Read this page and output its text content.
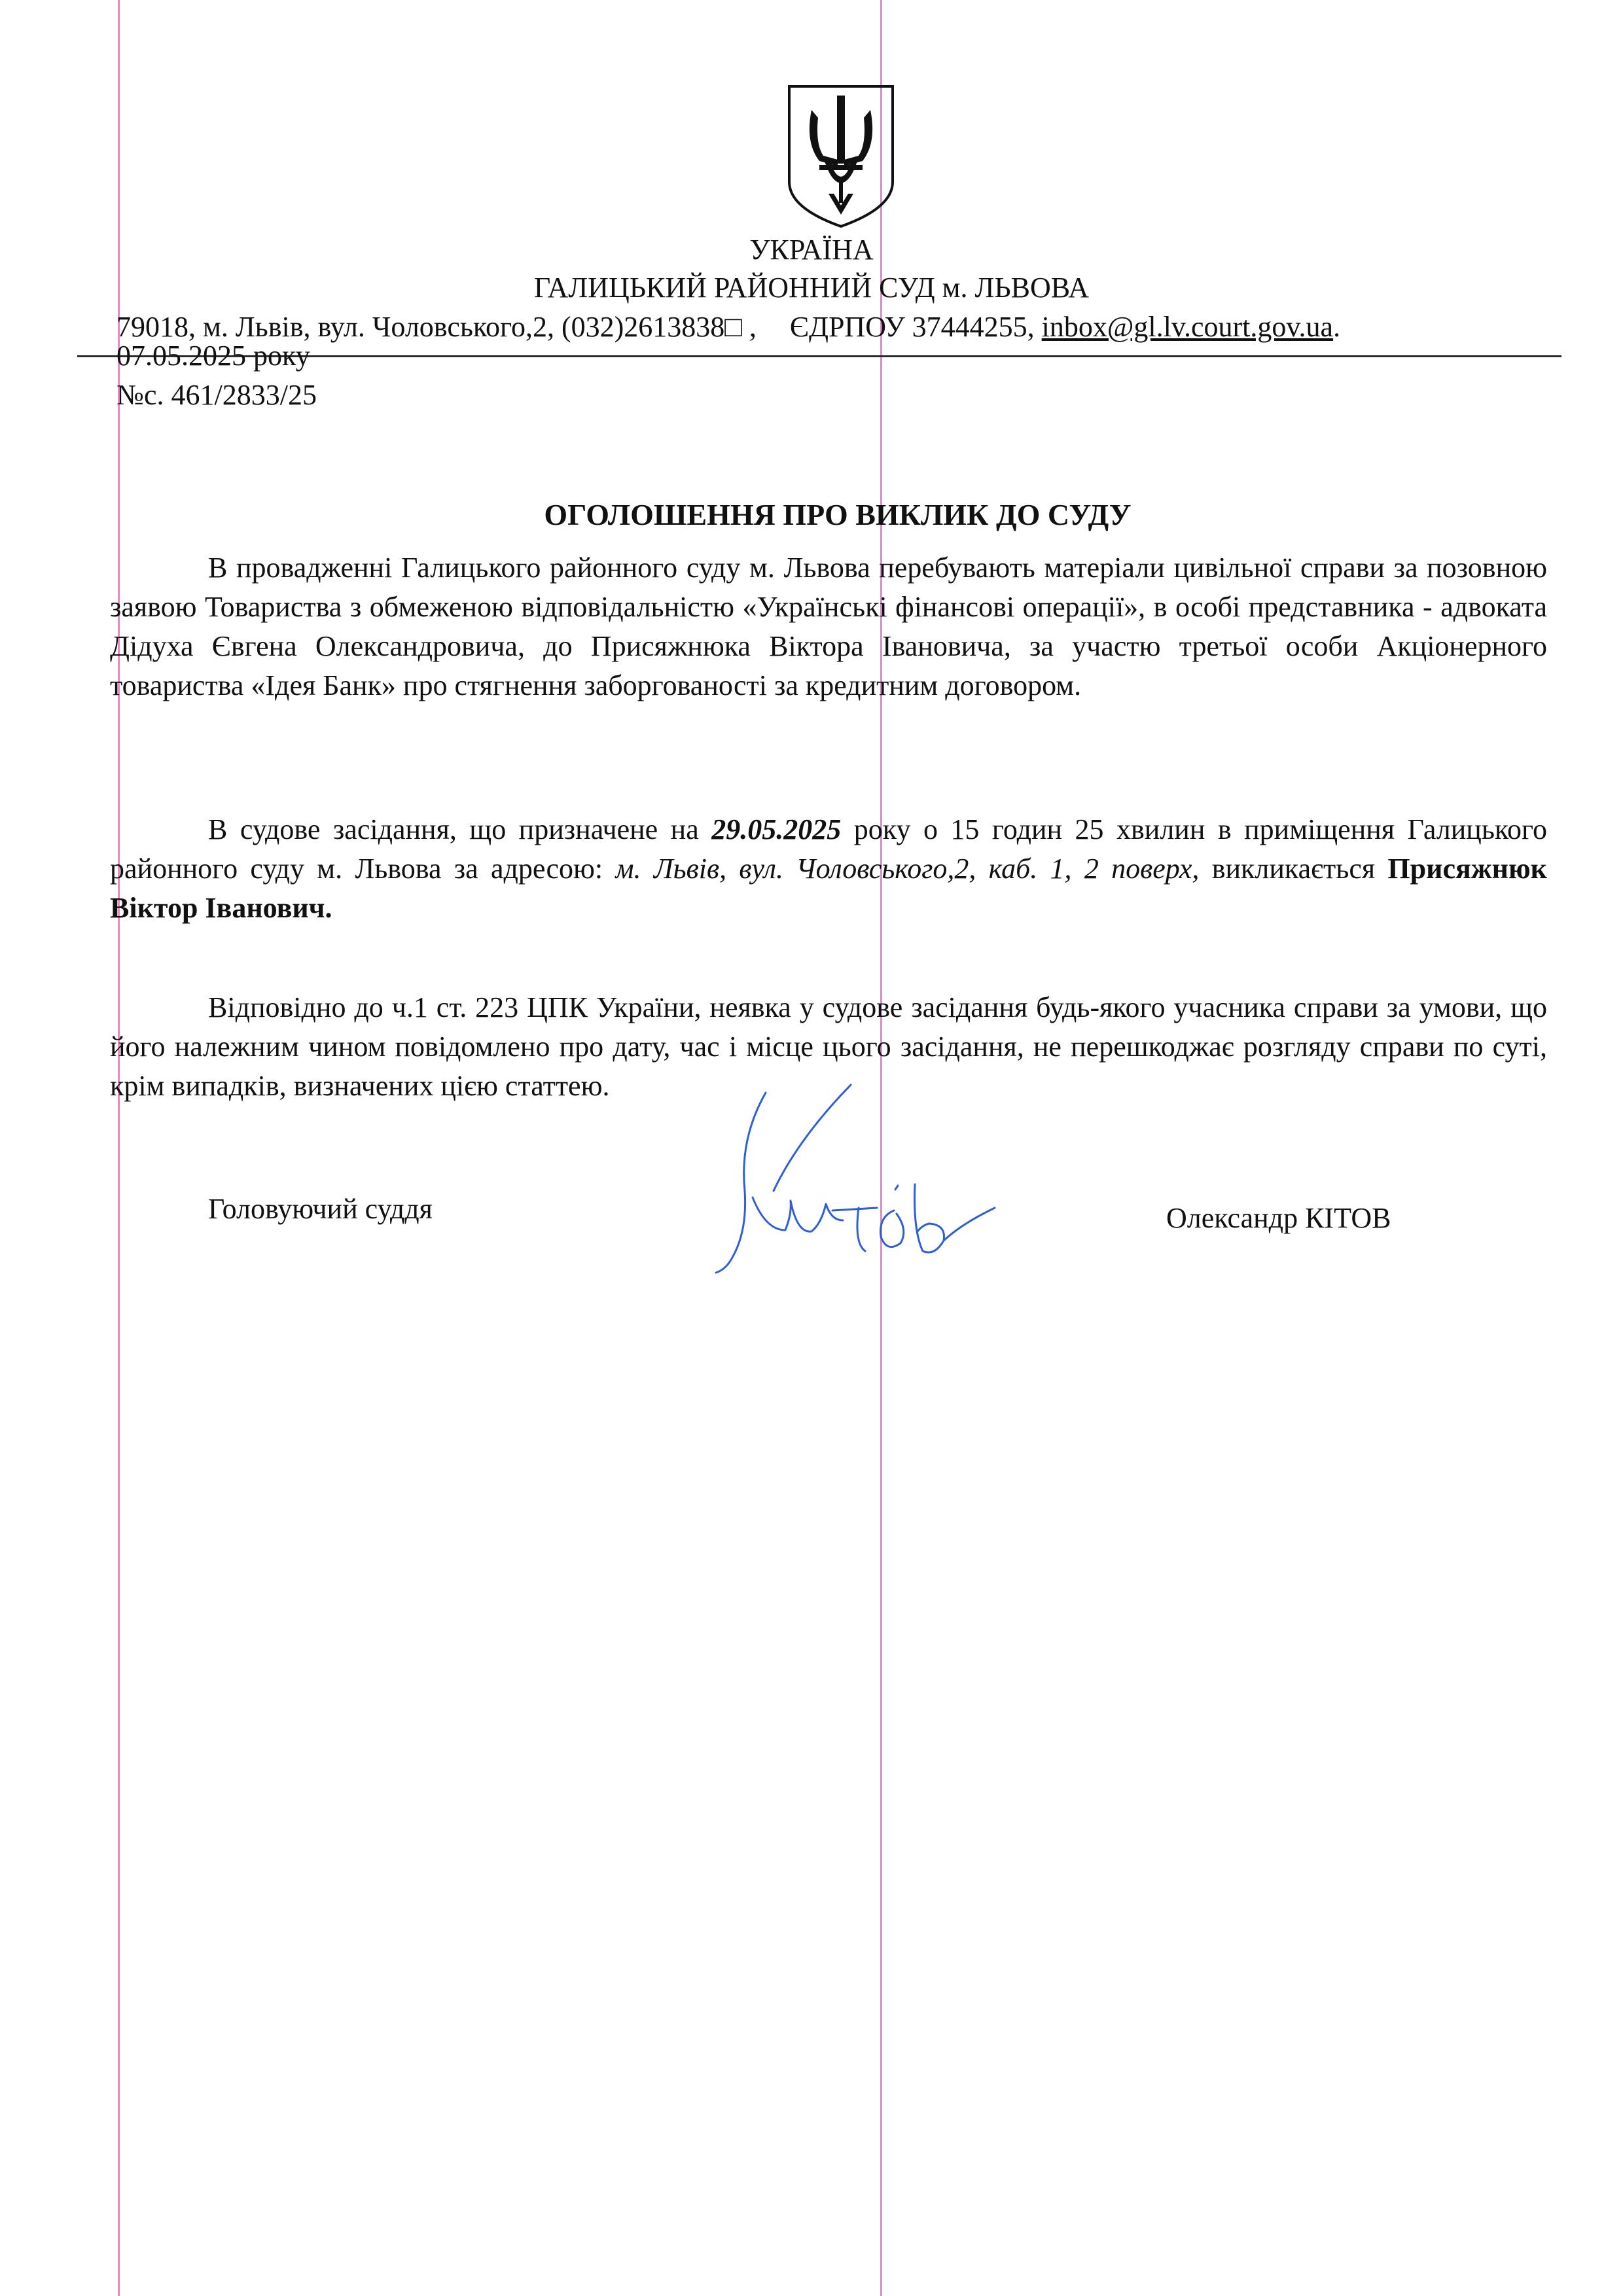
УКРАЇНА
ГАЛИЦЬКИЙ РАЙОННИЙ СУД м. ЛЬВОВА
79018, м. Львів, вул. Чоловського,2, (032)2613838□ , ЄДРПОУ 37444255, inbox@gl.lv.court.gov.ua.
07.05.2025 року
№с. 461/2833/25
ОГОЛОШЕННЯ ПРО ВИКЛИК ДО СУДУ
В провадженні Галицького районного суду м. Львова перебувають матеріали цивільної справи за позовною заявою Товариства з обмеженою відповідальністю «Українські фінансові операції», в особі представника - адвоката Дідуха Євгена Олександровича, до Присяжнюка Віктора Івановича, за участю третьої особи Акціонерного товариства «Ідея Банк» про стягнення заборгованості за кредитним договором.
В судове засідання, що призначене на 29.05.2025 року о 15 годин 25 хвилин в приміщення Галицького районного суду м. Львова за адресою: м. Львів, вул. Чоловського,2, каб. 1, 2 поверх, викликається Присяжнюк Віктор Іванович.
Відповідно до ч.1 ст. 223 ЦПК України, неявка у судове засідання будь-якого учасника справи за умови, що його належним чином повідомлено про дату, час і місце цього засідання, не перешкоджає розгляду справи по суті, крім випадків, визначених цією статтею.
Головуючий суддя	Олександр КІТОВ
